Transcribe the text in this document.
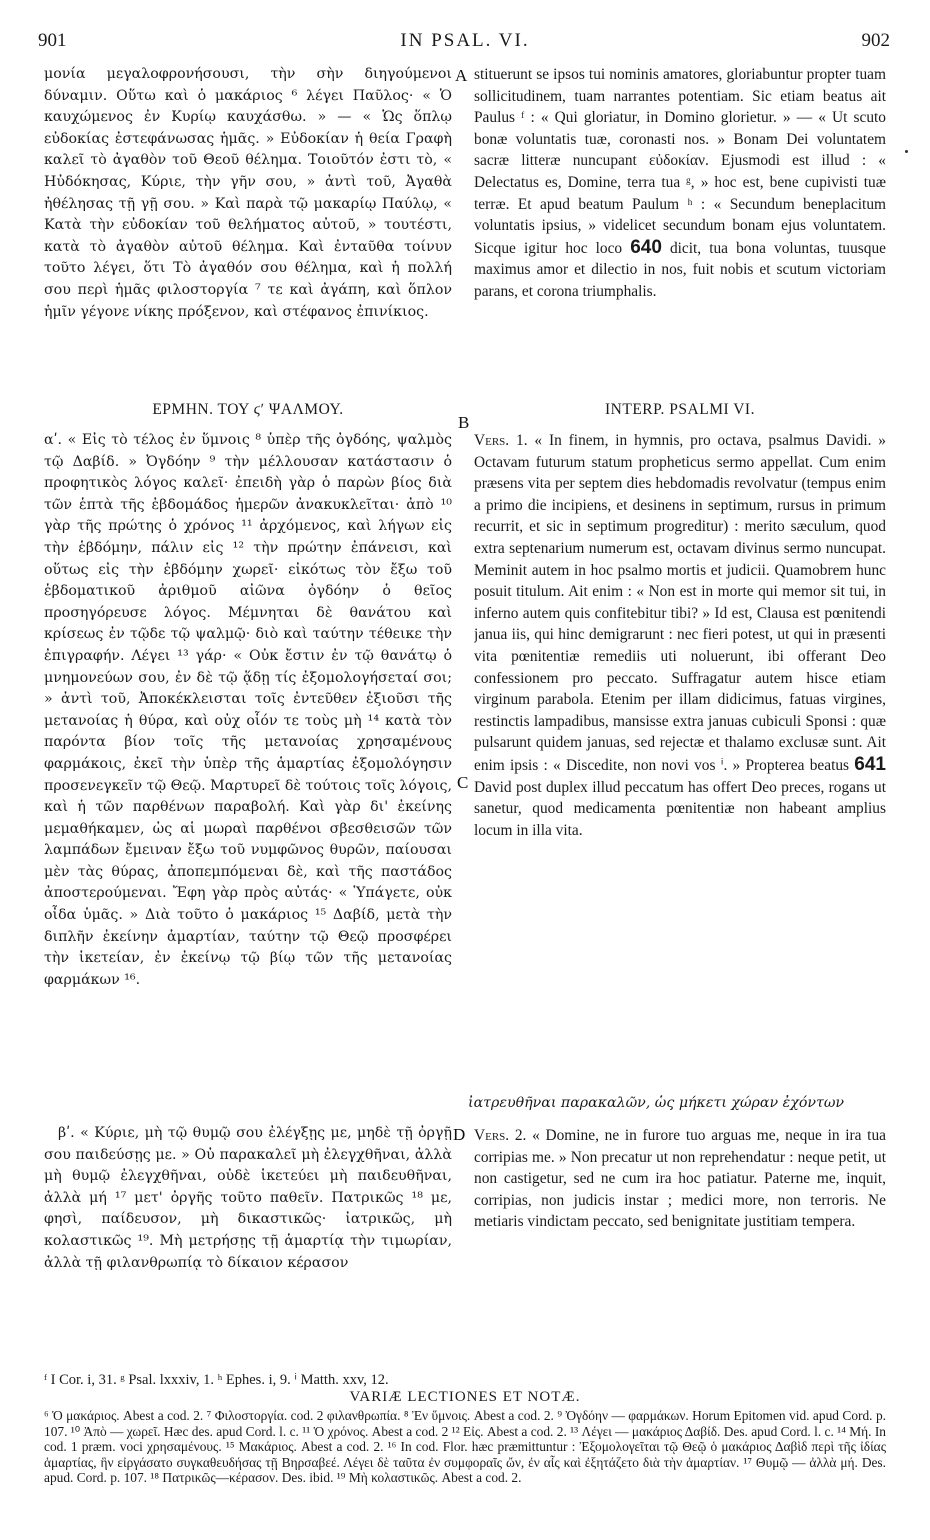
901	IN PSAL. VI.	902
A
B
C
D

μονία μεγαλοφρονήσουσι, τὴν σὴν διηγούμενοι δύναμιν. Οὕτω καὶ ὁ μακάριος ⁶ λέγει Παῦλος· « Ὁ καυχώμενος ἐν Κυρίῳ καυχάσθω. » — « Ὡς ὅπλῳ εὐδοκίας ἐστεφάνωσας ἡμᾶς. » Εὐδοκίαν ἡ θεία Γραφὴ καλεῖ τὸ ἀγαθὸν τοῦ Θεοῦ θέλημα. Τοιοῦτόν ἐστι τὸ, « Ηὐδόκησας, Κύριε, τὴν γῆν σου, » ἀντὶ τοῦ, Ἀγαθὰ ἠθέλησας τῇ γῇ σου. » Καὶ παρὰ τῷ μακαρίῳ Παύλῳ, « Κατὰ τὴν εὐδοκίαν τοῦ θελήματος αὐτοῦ, » τουτέστι, κατὰ τὸ ἀγαθὸν αὐτοῦ θέλημα. Καὶ ἐνταῦθα τοίνυν τοῦτο λέγει, ὅτι Τὸ ἀγαθόν σου θέλημα, καὶ ἡ πολλή σου περὶ ἡμᾶς φιλοστοργία ⁷ τε καὶ ἀγάπη, καὶ ὅπλον ἡμῖν γέγονε νίκης πρόξενον, καὶ στέφανος ἐπινίκιος.

stituerunt se ipsos tui nominis amatores, gloriabuntur propter tuam sollicitudinem, tuam narrantes potentiam. Sic etiam beatus ait Paulus ᶠ : « Qui gloriatur, in Domino glorietur. » — « Ut scuto bonæ voluntatis tuæ, coronasti nos. » Bonam Dei voluntatem sacræ litteræ nuncupant εὐδοκίαν. Ejusmodi est illud : « Delectatus es, Domine, terra tua ᵍ, » hoc est, bene cupivisti tuæ terræ. Et apud beatum Paulum ʰ : « Secundum beneplacitum voluntatis ipsius, » videlicet secundum bonam ejus voluntatem. Sicque igitur hoc loco 640 dicit, tua bona voluntas, tuusque maximus amor et dilectio in nos, fuit nobis et scutum victoriam parans, et corona triumphalis.

ΕΡΜΗΝ. ΤΟΥ ϛʹ ΨΑΛΜΟΥ.

αʹ. « Εἰς τὸ τέλος ἐν ὕμνοις ⁸ ὑπὲρ τῆς ὀγδόης, ψαλμὸς τῷ Δαβίδ. » Ὀγδόην ⁹ τὴν μέλλουσαν κατάστασιν ὁ προφητικὸς λόγος καλεῖ· ἐπειδὴ γὰρ ὁ παρὼν βίος διὰ τῶν ἑπτὰ τῆς ἑβδομάδος ἡμερῶν ἀνακυκλεῖται· ἀπὸ ¹⁰ γὰρ τῆς πρώτης ὁ χρόνος ¹¹ ἀρχόμενος, καὶ λήγων εἰς τὴν ἑβδόμην, πάλιν εἰς ¹² τὴν πρώτην ἐπάνεισι, καὶ οὕτως εἰς τὴν ἑβδόμην χωρεῖ· εἰκότως τὸν ἔξω τοῦ ἑβδοματικοῦ ἀριθμοῦ αἰῶνα ὀγδόην ὁ θεῖος προσηγόρευσε λόγος. Μέμνηται δὲ θανάτου καὶ κρίσεως ἐν τῷδε τῷ ψαλμῷ· διὸ καὶ ταύτην τέθεικε τὴν ἐπιγραφήν. Λέγει ¹³ γάρ· « Οὐκ ἔστιν ἐν τῷ θανάτῳ ὁ μνημονεύων σου, ἐν δὲ τῷ ᾅδῃ τίς ἐξομολογήσεταί σοι; » ἀντὶ τοῦ, Ἀποκέκλεισται τοῖς ἐντεῦθεν ἐξιοῦσι τῆς μετανοίας ἡ θύρα, καὶ οὐχ οἷόν τε τοὺς μὴ ¹⁴ κατὰ τὸν παρόντα βίον τοῖς τῆς μετανοίας χρησαμένους φαρμάκοις, ἐκεῖ τὴν ὑπὲρ τῆς ἁμαρτίας ἐξομολόγησιν προσενεγκεῖν τῷ Θεῷ. Μαρτυρεῖ δὲ τούτοις τοῖς λόγοις, καὶ ἡ τῶν παρθένων παραβολή. Καὶ γὰρ δι' ἐκείνης μεμαθήκαμεν, ὡς αἱ μωραὶ παρθένοι σβεσθεισῶν τῶν λαμπάδων ἔμειναν ἔξω τοῦ νυμφῶνος θυρῶν, παίουσαι μὲν τὰς θύρας, ἀποπεμπόμεναι δὲ, καὶ τῆς παστάδος ἀποστερούμεναι. Ἔφη γὰρ πρὸς αὐτάς· « Ὑπάγετε, οὐκ οἶδα ὑμᾶς. » Διὰ τοῦτο ὁ μακάριος ¹⁵ Δαβίδ, μετὰ τὴν διπλῆν ἐκείνην ἁμαρτίαν, ταύτην τῷ Θεῷ προσφέρει τὴν ἱκετείαν, ἐν ἐκείνῳ τῷ βίῳ τῶν τῆς μετανοίας φαρμάκων ¹⁶.

βʹ. « Κύριε, μὴ τῷ θυμῷ σου ἐλέγξῃς με, μηδὲ τῇ ὀργῇ σου παιδεύσῃς με. » Οὐ παρακαλεῖ μὴ ἐλεγχθῆναι, ἀλλὰ μὴ θυμῷ ἐλεγχθῆναι, οὐδὲ ἱκετεύει μὴ παιδευθῆναι, ἀλλὰ μή ¹⁷ μετ' ὀργῆς τοῦτο παθεῖν. Πατρικῶς ¹⁸ με, φησὶ, παίδευσον, μὴ δικαστικῶς· ἰατρικῶς, μὴ κολαστικῶς ¹⁹. Μὴ μετρήσῃς τῇ ἁμαρτίᾳ τὴν τιμωρίαν, ἀλλὰ τῇ φιλανθρωπίᾳ τὸ δίκαιον κέρασον

INTERP. PSALMI VI.

Vers. 1. « In finem, in hymnis, pro octava, psalmus Davidi. » Octavam futurum statum propheticus sermo appellat. Cum enim præsens vita per septem dies hebdomadis revolvatur (tempus enim a primo die incipiens, et desinens in septimum, rursus in primum recurrit, et sic in septimum progreditur) : merito sæculum, quod extra septenarium numerum est, octavam divinus sermo nuncupat. Meminit autem in hoc psalmo mortis et judicii. Quamobrem hunc posuit titulum. Ait enim : « Non est in morte qui memor sit tui, in inferno autem quis confitebitur tibi? » Id est, Clausa est pœnitendi janua iis, qui hinc demigrarunt : nec fieri potest, ut qui in præsenti vita pœnitentiæ remediis uti noluerunt, ibi offerant Deo confessionem pro peccato. Suffragatur autem hisce etiam virginum parabola. Etenim per illam didicimus, fatuas virgines, restinctis lampadibus, mansisse extra januas cubiculi Sponsi : quæ pulsarunt quidem januas, sed rejectæ et thalamo exclusæ sunt. Ait enim ipsis : « Discedite, non novi vos ⁱ. » Propterea beatus 641 David post duplex illud peccatum has offert Deo preces, rogans ut sanetur, quod medicamenta pœnitentiæ non habeant amplius locum in illa vita.

ἰατρευθῆναι παρακαλῶν, ὡς μήκετι χώραν ἐχόντων

Vers. 2. « Domine, ne in furore tuo arguas me, neque in ira tua corripias me. » Non precatur ut non reprehendatur : neque petit, ut non castigetur, sed ne cum ira hoc patiatur. Paterne me, inquit, corripias, non judicis instar ; medici more, non terroris. Ne metiaris vindictam peccato, sed benignitate justitiam tempera.

ᶠ I Cor. i, 31. ᵍ Psal. lxxxiv, 1. ʰ Ephes. i, 9. ⁱ Matth. xxv, 12.
VARIÆ LECTIONES ET NOTÆ.
⁶ Ὁ μακάριος. Abest a cod. 2. ⁷ Φιλοστοργία. cod. 2 φιλανθρωπία. ⁸ Ἐν ὕμνοις. Abest a cod. 2. ⁹ Ὀγδόην — φαρμάκων. Horum Epitomen vid. apud Cord. p. 107. ¹⁰ Ἀπὸ — χωρεῖ. Hæc des. apud Cord. l. c. ¹¹ Ὁ χρόνος. Abest a cod. 2 ¹² Εἰς. Abest a cod. 2. ¹³ Λέγει — μακάριος Δαβίδ. Des. apud Cord. l. c. ¹⁴ Μή. In cod. 1 præm. voci χρησαμένους. ¹⁵ Μακάριος. Abest a cod. 2. ¹⁶ In cod. Flor. hæc præmittuntur : Ἐξομολογεῖται τῷ Θεῷ ὁ μακάριος Δαβὶδ περὶ τῆς ἰδίας ἁμαρτίας, ἣν εἰργάσατο συγκαθευδήσας τῇ Βηρσαβεέ. Λέγει δὲ ταῦτα ἐν συμφοραῖς ὤν, ἐν αἷς καὶ ἐξητάζετο διὰ τὴν ἁμαρτίαν. ¹⁷ Θυμῷ — ἀλλὰ μή. Des. apud. Cord. p. 107. ¹⁸ Πατρικῶς—κέρασον. Des. ibid. ¹⁹ Μὴ κολαστικῶς. Abest a cod. 2.
